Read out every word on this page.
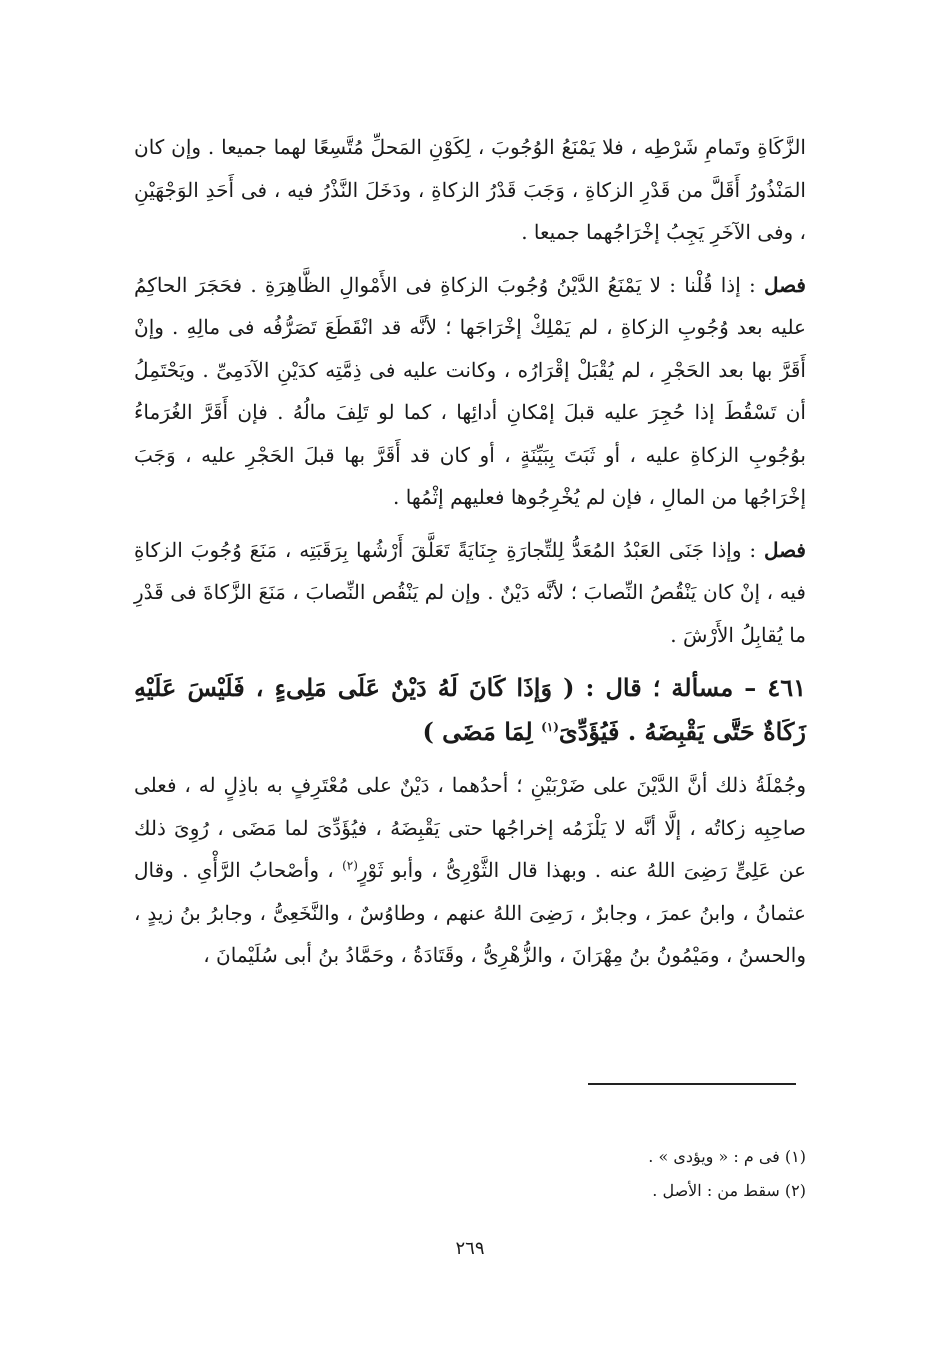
الزَّكَاةِ وتَمامِ شَرْطِه ، فلا يَمْنَعُ الوُجُوبَ ، لِكَوْنِ المَحلِّ مُتَّسِعًا لهما جميعا . وإن كان المَنْذُورُ أَقَلَّ من قَدْرِ الزكاةِ ، وَجَبَ قَدْرُ الزكاةِ ، ودَخَلَ النَّذْرُ فيه ، فى أَحَدِ الوَجْهَيْنِ ، وفى الآخَرِ يَجِبُ إخْرَاجُهما جميعا .

فصل : إذا قُلْنا : لا يَمْنَعُ الدَّيْنُ وُجُوبَ الزكاةِ فى الأَمْوالِ الظَّاهِرَةِ . فحَجَرَ الحاكِمُ عليه بعد وُجُوبِ الزكاةِ ، لم يَمْلِكْ إخْرَاجَها ؛ لأنَّه قد انْقَطَعَ تَصَرُّفُه فى مالِهِ . وإنْ أَقَرَّ بها بعد الحَجْرِ ، لم يُقْبَلْ إقْرَارُه ، وكانت عليه فى ذِمَّتِه كدَيْنِ الآدَمِىِّ . ويَحْتَمِلُ أن تَسْقُطَ إذا حُجِرَ عليه قبلَ إمْكانِ أدائِها ، كما لو تَلِفَ مالُهُ . فإن أَقَرَّ الغُرَماءُ بوُجُوبِ الزكاةِ عليه ، أو ثَبَتَ بِبَيِّنَةٍ ، أو كان قد أَقَرَّ بها قبلَ الحَجْرِ عليه ، وَجَبَ إخْرَاجُها من المالِ ، فإن لم يُخْرِجُوها فعليهم إثْمُها .

فصل : وإذا جَنَى العَبْدُ المُعَدُّ لِلتِّجارَةِ جِنَايَةً تَعَلَّقَ أَرْشُها بِرَقَبَتِه ، مَنَعَ وُجُوبَ الزكاةِ فيه ، إنْ كان يَنْقُصُ النِّصابَ ؛ لأنَّه دَيْنٌ . وإن لم يَنْقُص النِّصابَ ، مَنَعَ الزَّكاةَ فى قَدْرِ ما يُقابِلُ الأَرْشَ .

٤٦١ – مسألة ؛ قال : ( وَإذَا كَانَ لَهُ دَيْنٌ عَلَى مَلِىءٍ ، فَلَيْسَ عَلَيْهِ زَكَاةٌ حَتَّى يَقْبِضَهُ . فَيُؤَدِّىَ$^{(١)}$ لِمَا مَضَى )

وجُمْلَةُ ذلك أنَّ الدَّيْنَ على ضَرْبَيْنِ ؛ أحدُهما ، دَيْنٌ على مُعْتَرِفٍ به باذِلٍ له ، فعلى صاحِبِه زكاتُه ، إلَّا أنَّه لا يَلْزَمُه إخراجُها حتى يَقْبِضَهُ ، فيُؤَدِّىَ لما مَضَى ، رُوِىَ ذلك عن عَلِىٍّ رَضِىَ اللهُ عنه . وبهذا قال الثَّوْرِىُّ ، وأبو ثَوْرٍ$^{(٢)}$ ، وأصْحابُ الرَّأْىِ . وقال عثمانُ ، وابنُ عمرَ ، وجابرٌ ، رَضِىَ اللهُ عنهم ، وطاوُسٌ ، والنَّخَعِىُّ ، وجابرُ بنُ زيدٍ ، والحسنُ ، ومَيْمُونُ بنُ مِهْرَانَ ، والزُّهْرِىُّ ، وقَتَادَةُ ، وحَمَّادُ بنُ أبى سُلَيْمانَ ،

(١) فى م : « ويؤدى » .
(٢) سقط من : الأصل .
٢٦٩
